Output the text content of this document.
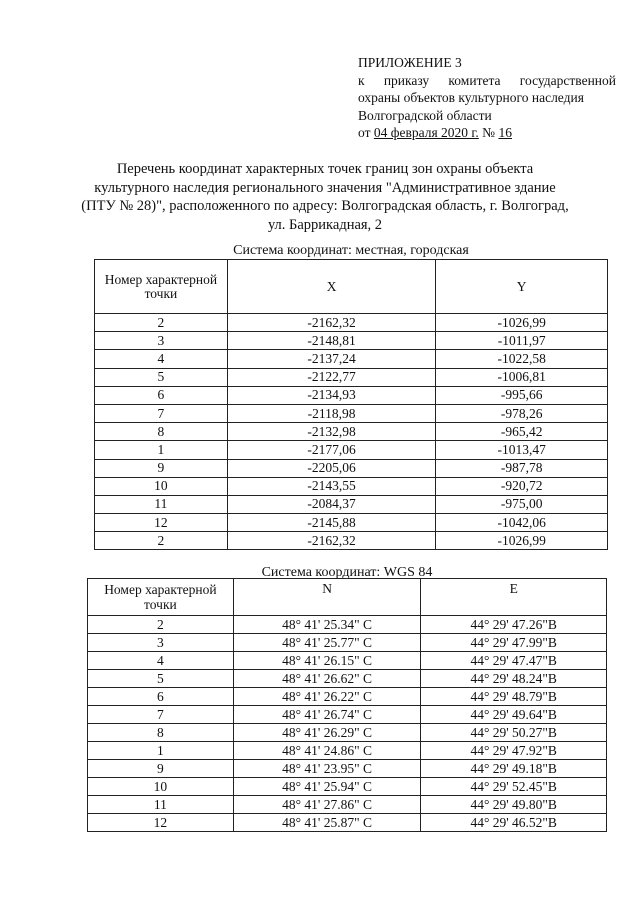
ПРИЛОЖЕНИЕ 3
к приказу комитета государственной
охраны объектов культурного наследия
Волгоградской области
от 04 февраля 2020 г. № 16
Перечень координат характерных точек границ зон охраны объекта
культурного наследия регионального значения "Административное здание
(ПТУ № 28)", расположенного по адресу: Волгоградская область, г. Волгоград,
ул. Баррикадная, 2
Система координат: местная, городская
Номер характерной точки	X	Y
2	-2162,32	-1026,99
3	-2148,81	-1011,97
4	-2137,24	-1022,58
5	-2122,77	-1006,81
6	-2134,93	-995,66
7	-2118,98	-978,26
8	-2132,98	-965,42
1	-2177,06	-1013,47
9	-2205,06	-987,78
10	-2143,55	-920,72
11	-2084,37	-975,00
12	-2145,88	-1042,06
2	-2162,32	-1026,99
Система координат: WGS 84
Номер характерной точки	N	E
2	48° 41' 25.34" С	44° 29' 47.26"В
3	48° 41' 25.77" С	44° 29' 47.99"В
4	48° 41' 26.15" С	44° 29' 47.47"В
5	48° 41' 26.62" С	44° 29' 48.24"В
6	48° 41' 26.22" С	44° 29' 48.79"В
7	48° 41' 26.74" С	44° 29' 49.64"В
8	48° 41' 26.29" С	44° 29' 50.27"В
1	48° 41' 24.86" С	44° 29' 47.92"В
9	48° 41' 23.95" С	44° 29' 49.18"В
10	48° 41' 25.94" С	44° 29' 52.45"В
11	48° 41' 27.86" С	44° 29' 49.80"В
12	48° 41' 25.87" С	44° 29' 46.52"В
